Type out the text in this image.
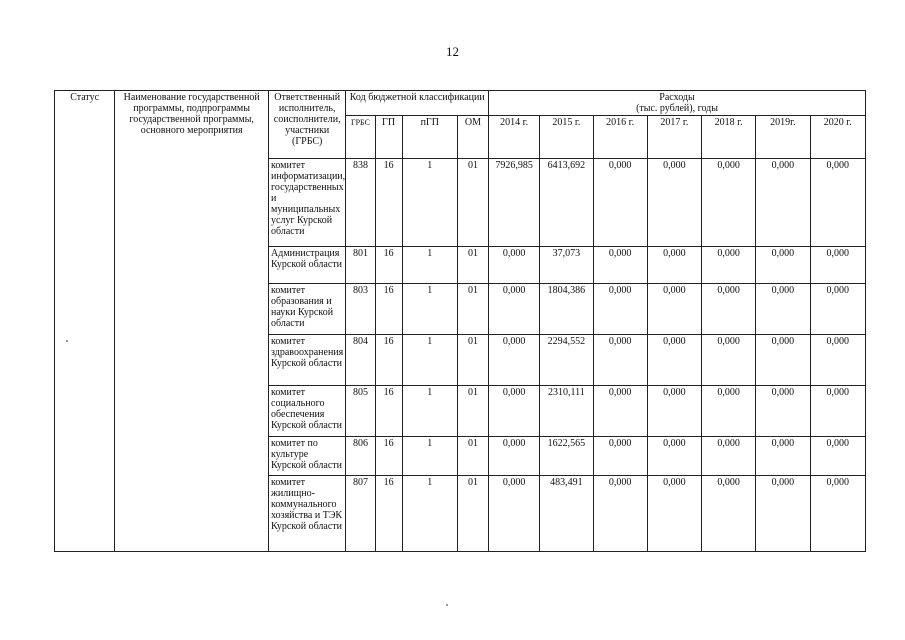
12
Статус	Наименование государственной программы, подпрограммы государственной программы, основного мероприятия	Ответственный исполнитель, соисполнители, участники (ГРБС)	Код бюджетной классификации				Расходы
(тыс. рублей), годы						

			ГРБС	ГП	пГП	ОМ	2014 г.	2015 г.	2016 г.	2017 г.	2018 г.	2019г.	2020 г.
		комитет информатизации, государственных и муниципальных услуг Курской области	838	16	1	01	7926,985	6413,692	0,000	0,000	0,000	0,000	0,000
		Администрация Курской области	801	16	1	01	0,000	37,073	0,000	0,000	0,000	0,000	0,000
		комитет образования и науки Курской области	803	16	1	01	0,000	1804,386	0,000	0,000	0,000	0,000	0,000
		комитет здравоохранения Курской области	804	16	1	01	0,000	2294,552	0,000	0,000	0,000	0,000	0,000
		комитет социального обеспечения Курской области	805	16	1	01	0,000	2310,111	0,000	0,000	0,000	0,000	0,000
		комитет по культуре Курской области	806	16	1	01	0,000	1622,565	0,000	0,000	0,000	0,000	0,000
		комитет жилищно-коммунального хозяйства и ТЭК Курской области	807	16	1	01	0,000	483,491	0,000	0,000	0,000	0,000	0,000
